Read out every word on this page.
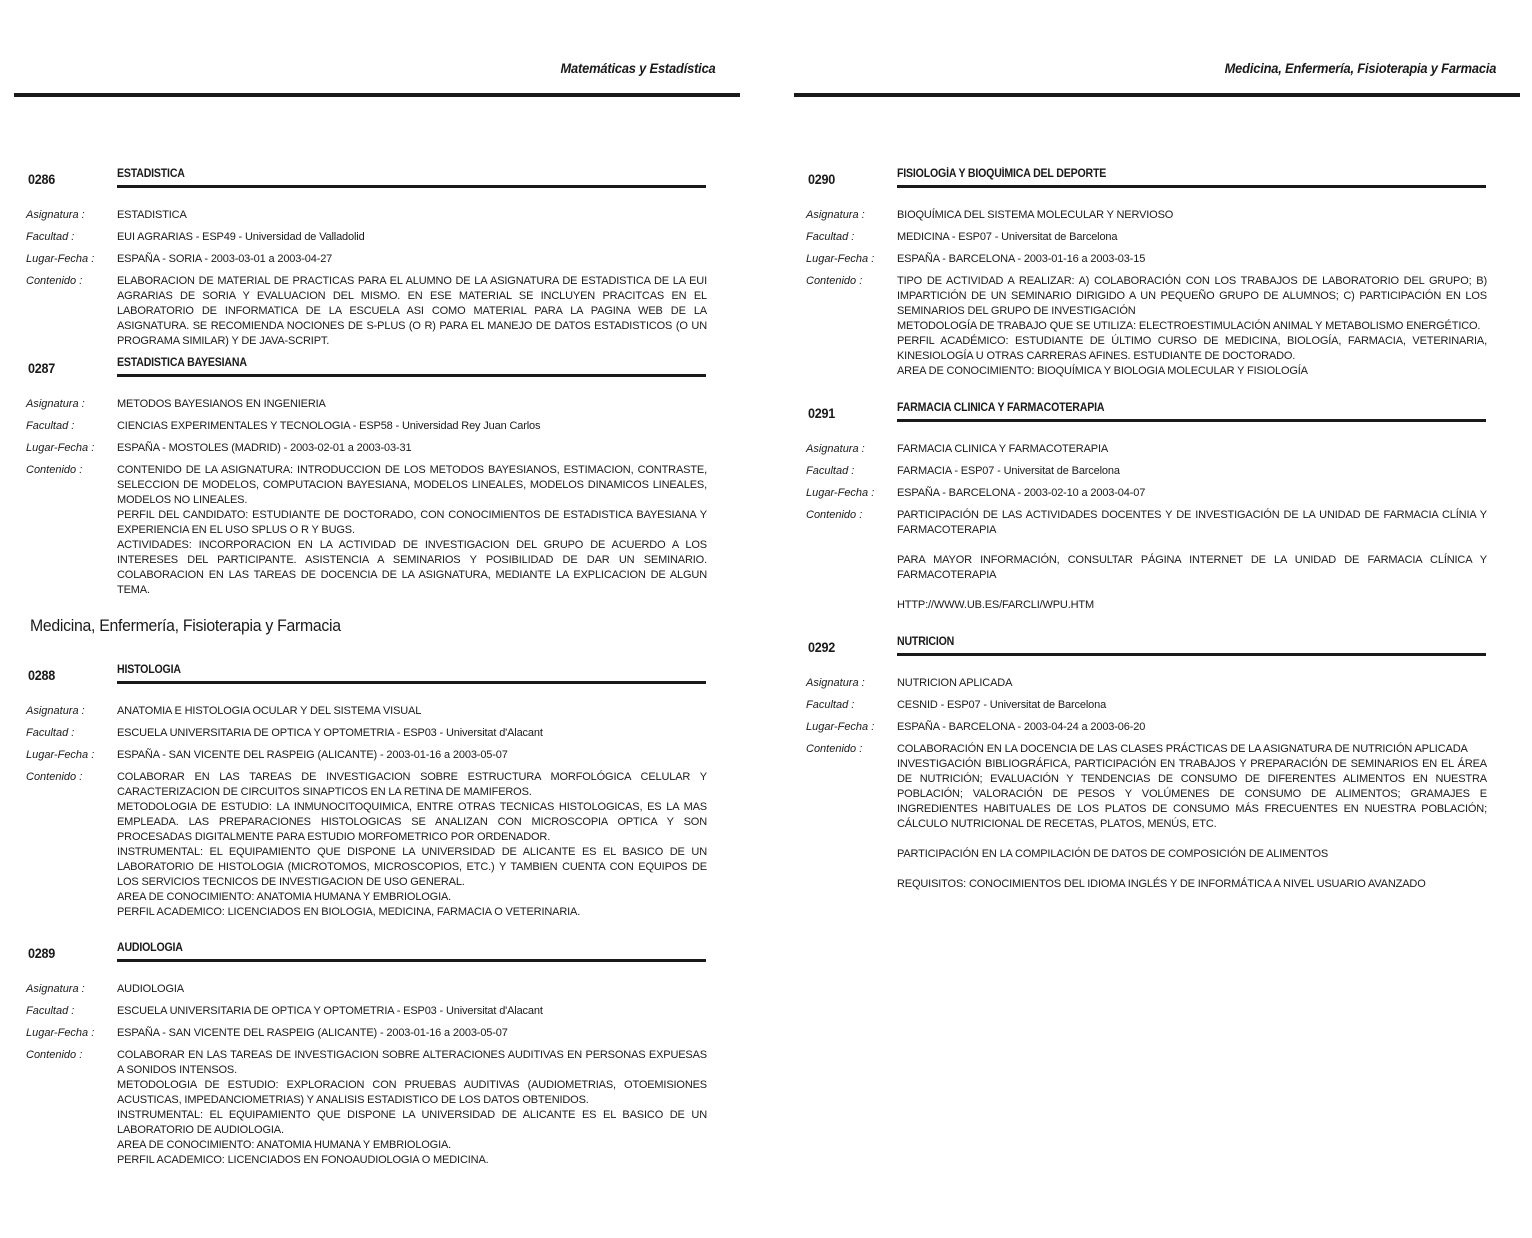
Matemáticas y Estadística
0286	ESTADISTICA
Asignatura :	ESTADISTICA
Facultad :	EUI AGRARIAS - ESP49 - Universidad de Valladolid
Lugar-Fecha :	ESPAÑA - SORIA - 2003-03-01 a 2003-04-27
Contenido :	ELABORACION DE MATERIAL DE PRACTICAS PARA EL ALUMNO DE LA ASIGNATURA DE ESTADISTICA DE LA EUI AGRARIAS DE SORIA Y EVALUACION DEL MISMO. EN ESE MATERIAL SE INCLUYEN PRACITCAS EN EL LABORATORIO DE INFORMATICA DE LA ESCUELA ASI COMO MATERIAL PARA LA PAGINA WEB DE LA ASIGNATURA. SE RECOMIENDA NOCIONES DE S-PLUS (O R) PARA EL MANEJO DE DATOS ESTADISTICOS (O UN PROGRAMA SIMILAR) Y DE JAVA-SCRIPT.
0287	ESTADISTICA BAYESIANA
Asignatura :	METODOS BAYESIANOS EN INGENIERIA
Facultad :	CIENCIAS EXPERIMENTALES Y TECNOLOGIA - ESP58 - Universidad Rey Juan Carlos
Lugar-Fecha :	ESPAÑA - MOSTOLES (MADRID) - 2003-02-01 a 2003-03-31
Contenido :	CONTENIDO DE LA ASIGNATURA: INTRODUCCION DE LOS METODOS BAYESIANOS, ESTIMACION, CONTRASTE, SELECCION DE MODELOS, COMPUTACION BAYESIANA, MODELOS LINEALES, MODELOS DINAMICOS LINEALES, MODELOS NO LINEALES.
PERFIL DEL CANDIDATO: ESTUDIANTE DE DOCTORADO, CON CONOCIMIENTOS DE ESTADISTICA BAYESIANA Y EXPERIENCIA EN EL USO SPLUS O R Y BUGS.
ACTIVIDADES: INCORPORACION EN LA ACTIVIDAD DE INVESTIGACION DEL GRUPO DE ACUERDO A LOS INTERESES DEL PARTICIPANTE. ASISTENCIA A SEMINARIOS Y POSIBILIDAD DE DAR UN SEMINARIO. COLABORACION EN LAS TAREAS DE DOCENCIA DE LA ASIGNATURA, MEDIANTE LA EXPLICACION DE ALGUN TEMA.
Medicina, Enfermería, Fisioterapia y Farmacia
0288	HISTOLOGIA
Asignatura :	ANATOMIA E HISTOLOGIA OCULAR Y DEL SISTEMA VISUAL
Facultad :	ESCUELA UNIVERSITARIA DE OPTICA Y OPTOMETRIA - ESP03 - Universitat d'Alacant
Lugar-Fecha :	ESPAÑA - SAN VICENTE DEL RASPEIG (ALICANTE) - 2003-01-16 a 2003-05-07
Contenido :	COLABORAR EN LAS TAREAS DE INVESTIGACION SOBRE ESTRUCTURA MORFOLÓGICA CELULAR Y CARACTERIZACION DE CIRCUITOS SINAPTICOS EN LA RETINA DE MAMIFEROS.
METODOLOGIA DE ESTUDIO: LA INMUNOCITOQUIMICA, ENTRE OTRAS TECNICAS HISTOLOGICAS, ES LA MAS EMPLEADA. LAS PREPARACIONES HISTOLOGICAS SE ANALIZAN CON MICROSCOPIA OPTICA Y SON PROCESADAS DIGITALMENTE PARA ESTUDIO MORFOMETRICO POR ORDENADOR.
INSTRUMENTAL: EL EQUIPAMIENTO QUE DISPONE LA UNIVERSIDAD DE ALICANTE ES EL BASICO DE UN LABORATORIO DE HISTOLOGIA (MICROTOMOS, MICROSCOPIOS, ETC.) Y TAMBIEN CUENTA CON EQUIPOS DE LOS SERVICIOS TECNICOS DE INVESTIGACION DE USO GENERAL.
AREA DE CONOCIMIENTO: ANATOMIA HUMANA Y EMBRIOLOGIA.
PERFIL ACADEMICO: LICENCIADOS EN BIOLOGIA, MEDICINA, FARMACIA O VETERINARIA.
0289	AUDIOLOGIA
Asignatura :	AUDIOLOGIA
Facultad :	ESCUELA UNIVERSITARIA DE OPTICA Y OPTOMETRIA - ESP03 - Universitat d'Alacant
Lugar-Fecha :	ESPAÑA - SAN VICENTE DEL RASPEIG (ALICANTE) - 2003-01-16 a 2003-05-07
Contenido :	COLABORAR EN LAS TAREAS DE INVESTIGACION SOBRE ALTERACIONES AUDITIVAS EN PERSONAS EXPUESAS A SONIDOS INTENSOS.
METODOLOGIA DE ESTUDIO: EXPLORACION CON PRUEBAS AUDITIVAS (AUDIOMETRIAS, OTOEMISIONES ACUSTICAS, IMPEDANCIOMETRIAS) Y ANALISIS ESTADISTICO DE LOS DATOS OBTENIDOS.
INSTRUMENTAL: EL EQUIPAMIENTO QUE DISPONE LA UNIVERSIDAD DE ALICANTE ES EL BASICO DE UN LABORATORIO DE AUDIOLOGIA.
AREA DE CONOCIMIENTO: ANATOMIA HUMANA Y EMBRIOLOGIA.
PERFIL ACADEMICO: LICENCIADOS EN FONOAUDIOLOGIA O MEDICINA.
Medicina, Enfermería, Fisioterapia y Farmacia
0290	FISIOLOGÍA Y BIOQUÍMICA DEL DEPORTE
Asignatura :	BIOQUÍMICA DEL SISTEMA MOLECULAR Y NERVIOSO
Facultad :	MEDICINA - ESP07 - Universitat de Barcelona
Lugar-Fecha :	ESPAÑA - BARCELONA - 2003-01-16 a 2003-03-15
Contenido :	TIPO DE ACTIVIDAD A REALIZAR: A) COLABORACIÓN CON LOS TRABAJOS DE LABORATORIO DEL GRUPO; B) IMPARTICIÓN DE UN SEMINARIO DIRIGIDO A UN PEQUEÑO GRUPO DE ALUMNOS; C) PARTICIPACIÓN EN LOS SEMINARIOS DEL GRUPO DE INVESTIGACIÓN
METODOLOGÍA DE TRABAJO QUE SE UTILIZA: ELECTROESTIMULACIÓN ANIMAL Y METABOLISMO ENERGÉTICO.
PERFIL ACADÉMICO: ESTUDIANTE DE ÚLTIMO CURSO DE MEDICINA, BIOLOGÍA, FARMACIA, VETERINARIA, KINESIOLOGÍA U OTRAS CARRERAS AFINES. ESTUDIANTE DE DOCTORADO.
AREA DE CONOCIMIENTO: BIOQUÍMICA Y BIOLOGIA MOLECULAR Y FISIOLOGÍA
0291	FARMACIA CLINICA Y FARMACOTERAPIA
Asignatura :	FARMACIA CLINICA Y FARMACOTERAPIA
Facultad :	FARMACIA - ESP07 - Universitat de Barcelona
Lugar-Fecha :	ESPAÑA - BARCELONA - 2003-02-10 a 2003-04-07
Contenido :	PARTICIPACIÓN DE LAS ACTIVIDADES DOCENTES Y DE INVESTIGACIÓN DE LA UNIDAD DE FARMACIA CLÍNIA Y FARMACOTERAPIA

PARA MAYOR INFORMACIÓN, CONSULTAR PÁGINA INTERNET DE LA UNIDAD DE FARMACIA CLÍNICA Y FARMACOTERAPIA

HTTP://WWW.UB.ES/FARCLI/WPU.HTM
0292	NUTRICION
Asignatura :	NUTRICION APLICADA
Facultad :	CESNID - ESP07 - Universitat de Barcelona
Lugar-Fecha :	ESPAÑA - BARCELONA - 2003-04-24 a 2003-06-20
Contenido :	COLABORACIÓN EN LA DOCENCIA DE LAS CLASES PRÁCTICAS DE LA ASIGNATURA DE NUTRICIÓN APLICADA
INVESTIGACIÓN BIBLIOGRÁFICA, PARTICIPACIÓN EN TRABAJOS Y PREPARACIÓN DE SEMINARIOS EN EL ÁREA DE NUTRICIÓN; EVALUACIÓN Y TENDENCIAS DE CONSUMO DE DIFERENTES ALIMENTOS EN NUESTRA POBLACIÓN; VALORACIÓN DE PESOS Y VOLÚMENES DE CONSUMO DE ALIMENTOS; GRAMAJES E INGREDIENTES HABITUALES DE LOS PLATOS DE CONSUMO MÁS FRECUENTES EN NUESTRA POBLACIÓN; CÁLCULO NUTRICIONAL DE RECETAS, PLATOS, MENÚS, ETC.

PARTICIPACIÓN EN LA COMPILACIÓN DE DATOS DE COMPOSICIÓN DE ALIMENTOS

REQUISITOS: CONOCIMIENTOS DEL IDIOMA INGLÉS Y DE INFORMÁTICA A NIVEL USUARIO AVANZADO
